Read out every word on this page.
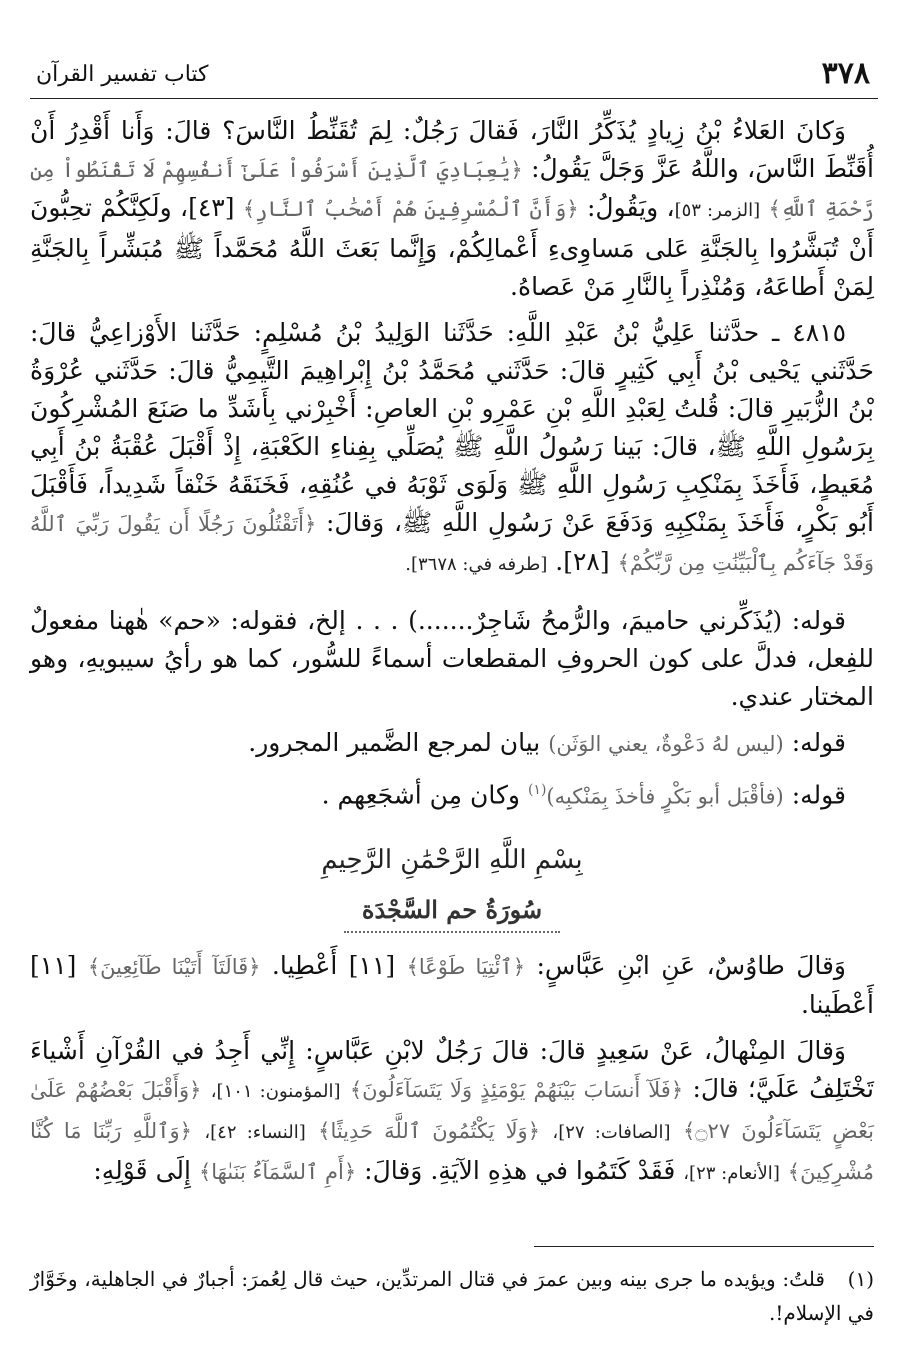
٣٧٨
كتاب تفسير القرآن

وَكانَ العَلاءُ بْنُ زِيادٍ يُذَكِّرُ النَّارَ، فَقالَ رَجُلٌ: لِمَ تُقَنِّطُ النَّاسَ؟ قالَ: وَأَنا أَقْدِرُ أَنْ أُقَنِّطَ النَّاسَ، واللَّهُ عَزَّ وَجَلَّ يَقُولُ: ﴿يَٰعِبَادِيَ ٱلَّذِينَ أَسْرَفُواْ عَلَىٰٓ أَنفُسِهِمْ لَا تَقْنَطُواْ مِن رَّحْمَةِ ٱللَّهِ﴾ [الزمر: ٥٣]، ويَقُولُ: ﴿وَأَنَّ ٱلْمُسْرِفِينَ هُمْ أَصْحَٰبُ ٱلنَّارِ﴾ [٤٣]، ولَكِنَّكُمْ تحِبُّونَ أَنْ تُبَشَّرُوا بِالجَنَّةِ عَلى مَساوِىءِ أَعْمالِكُمْ، وَإِنَّما بَعَثَ اللَّهُ مُحَمَّداً ﷺ مُبَشِّراً بِالجَنَّةِ لِمَنْ أَطاعَهُ، وَمُنْذِراً بِالنَّارِ مَنْ عَصاهُ.

٤٨١٥ ـ حدَّثنا عَلِيُّ بْنُ عَبْدِ اللَّهِ: حَدَّثَنا الوَلِيدُ بْنُ مُسْلِمٍ: حَدَّثَنا الأَوْزاعِيُّ قالَ: حَدَّثَني يَحْيى بْنُ أَبِي كَثِيرٍ قالَ: حَدَّثَني مُحَمَّدُ بْنُ إِبْراهِيمَ التَّيمِيُّ قالَ: حَدَّثَني عُرْوَةُ بْنُ الزُّبَيرِ قالَ: قُلتُ لِعَبْدِ اللَّهِ بْنِ عَمْرِو بْنِ العاصِ: أَخْبِرْني بِأَشَدِّ ما صَنَعَ المُشْرِكُونَ بِرَسُولِ اللَّهِ ﷺ، قالَ: بَينا رَسُولُ اللَّهِ ﷺ يُصَلِّي بِفِناءِ الكَعْبَةِ، إِذْ أَقْبَلَ عُقْبَةُ بْنُ أَبِي مُعَيطٍ، فَأَخَذَ بِمَنْكِبِ رَسُولِ اللَّهِ ﷺ وَلَوَى ثَوْبَهُ في عُنُقِهِ، فَخَنَقَهُ خَنْقاً شَدِيداً، فَأَقْبَلَ أَبُو بَكْرٍ، فَأَخَذَ بِمَنْكِبِهِ وَدَفَعَ عَنْ رَسُولِ اللَّهِ ﷺ، وَقالَ: ﴿أَتَقْتُلُونَ رَجُلًا أَن يَقُولَ رَبِّيَ ٱللَّهُ وَقَدْ جَآءَكُم بِٱلْبَيِّنَٰتِ مِن رَّبِّكُمْ﴾ [٢٨]. [طرفه في: ٣٦٧٨].

قوله: (يُذَكِّرني حاميمَ، والرُّمحُ شَاجِرٌ.......) . . . إلخ، فقوله: «حم» هٰهنا مفعولٌ للفِعل، فدلَّ على كون الحروفِ المقطعات أسماءً للسُّور، كما هو رأيُ سيبويهِ، وهو المختار عندي.

قوله: (ليس لهُ دَعْوةٌ، يعني الوَثَن) بيان لمرجع الضَّمير المجرور.

قوله: (فأقْبَل أبو بَكْرٍ فأخذَ بِمَنْكبِه)$^{(١)}$ وكان مِن أشجَعِهم .

بِسْمِ اللَّهِ الرَّحْمَٰنِ الرَّحِيمِ
سُورَةُ حم السَّجْدَة

وَقالَ طاوُسٌ، عَنِ ابْنِ عَبَّاسٍ: ﴿ٱئْتِيَا طَوْعًا﴾ [١١] أَعْطِيا. ﴿قَالَتَآ أَتَيْنَا طَآئِعِينَ﴾ [١١] أَعْطَينا.

وَقالَ المِنْهالُ، عَنْ سَعِيدٍ قالَ: قالَ رَجُلٌ لابْنِ عَبَّاسٍ: إِنِّي أَجِدُ في القُرْآنِ أَشْياءَ تَخْتَلِفُ عَلَيَّ؛ قالَ: ﴿فَلَآ أَنسَابَ بَيْنَهُمْ يَوْمَئِذٍ وَلَا يَتَسَآءَلُونَ﴾ [المؤمنون: ١٠١]، ﴿وَأَقْبَلَ بَعْضُهُمْ عَلَىٰ بَعْضٍ يَتَسَآءَلُونَ ۝٢٧﴾ [الصافات: ٢٧]، ﴿وَلَا يَكْتُمُونَ ٱللَّهَ حَدِيثًا﴾ [النساء: ٤٢]، ﴿وَٱللَّهِ رَبِّنَا مَا كُنَّا مُشْرِكِينَ﴾ [الأنعام: ٢٣]، فَقَدْ كَتَمُوا في هذِهِ الآيَةِ. وَقالَ: ﴿أَمِ ٱلسَّمَآءُ بَنَىٰهَا﴾ إِلَى قَوْلِهِ:

(١) قلتُ: ويؤيده ما جرى بينه وبين عمرَ في قتال المرتدِّين، حيث قال لِعُمرَ: أجبارٌ في الجاهلية، وخَوَّارٌ في الإسلام!.
